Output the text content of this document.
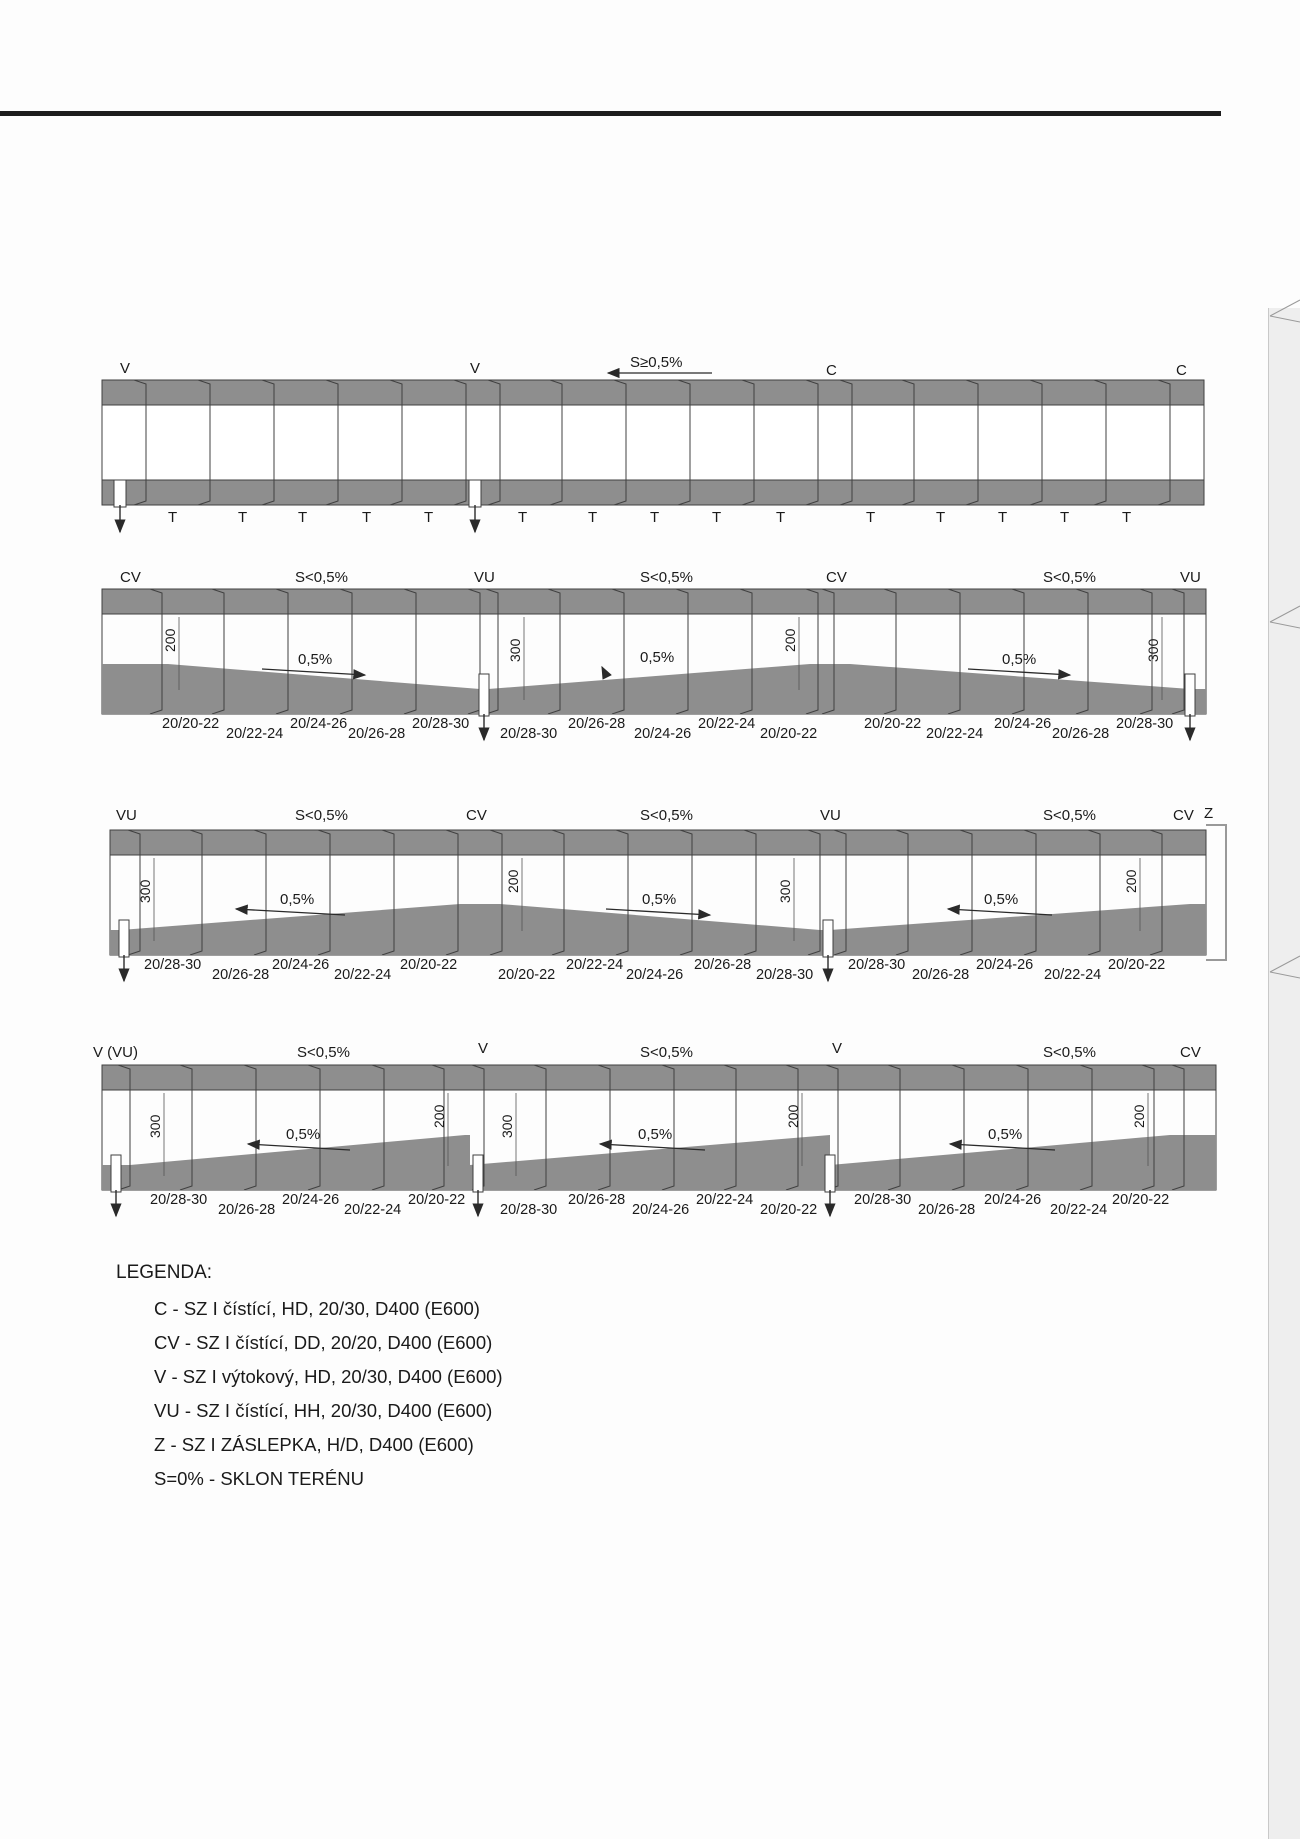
V	V	S≥0,5%	C	C
T	T	T	T	T	T	T	T	T	T	T	T	T	T	T
CV	S<0,5%	VU	S<0,5%	CV	S<0,5%	VU
200	300	200	300
0,5%	0,5%	0,5%
20/20-22
20/22-24
20/24-26
20/26-28
20/28-30
20/28-30
20/26-28
20/24-26
20/22-24
20/20-22
20/20-22
20/22-24
20/24-26
20/26-28
20/28-30
VU	S<0,5%	CV	S<0,5%	VU	S<0,5%	CV Z
300	200	300	200
0,5%	0,5%	0,5%
20/28-30
20/26-28
20/24-26
20/22-24
20/20-22
20/20-22
20/22-24
20/24-26
20/26-28
20/28-30
20/28-30
20/26-28
20/24-26
20/22-24
20/20-22
V (VU)	S<0,5%	V	S<0,5%	V	S<0,5%	CV
300	200	300	200	200
0,5%	0,5%	0,5%
20/28-30
20/26-28
20/24-26
20/22-24
20/20-22
20/28-30
20/26-28
20/24-26
20/22-24
20/20-22
20/28-30
20/26-28
20/24-26
20/22-24
20/20-22
LEGENDA:
C - SZ I čístící, HD, 20/30, D400 (E600)
CV - SZ I čístící, DD, 20/20, D400 (E600)
V - SZ I výtokový, HD, 20/30, D400 (E600)
VU - SZ I čístící, HH, 20/30, D400 (E600)
Z - SZ I ZÁSLEPKA, H/D, D400 (E600)
S=0% - SKLON TERÉNU
